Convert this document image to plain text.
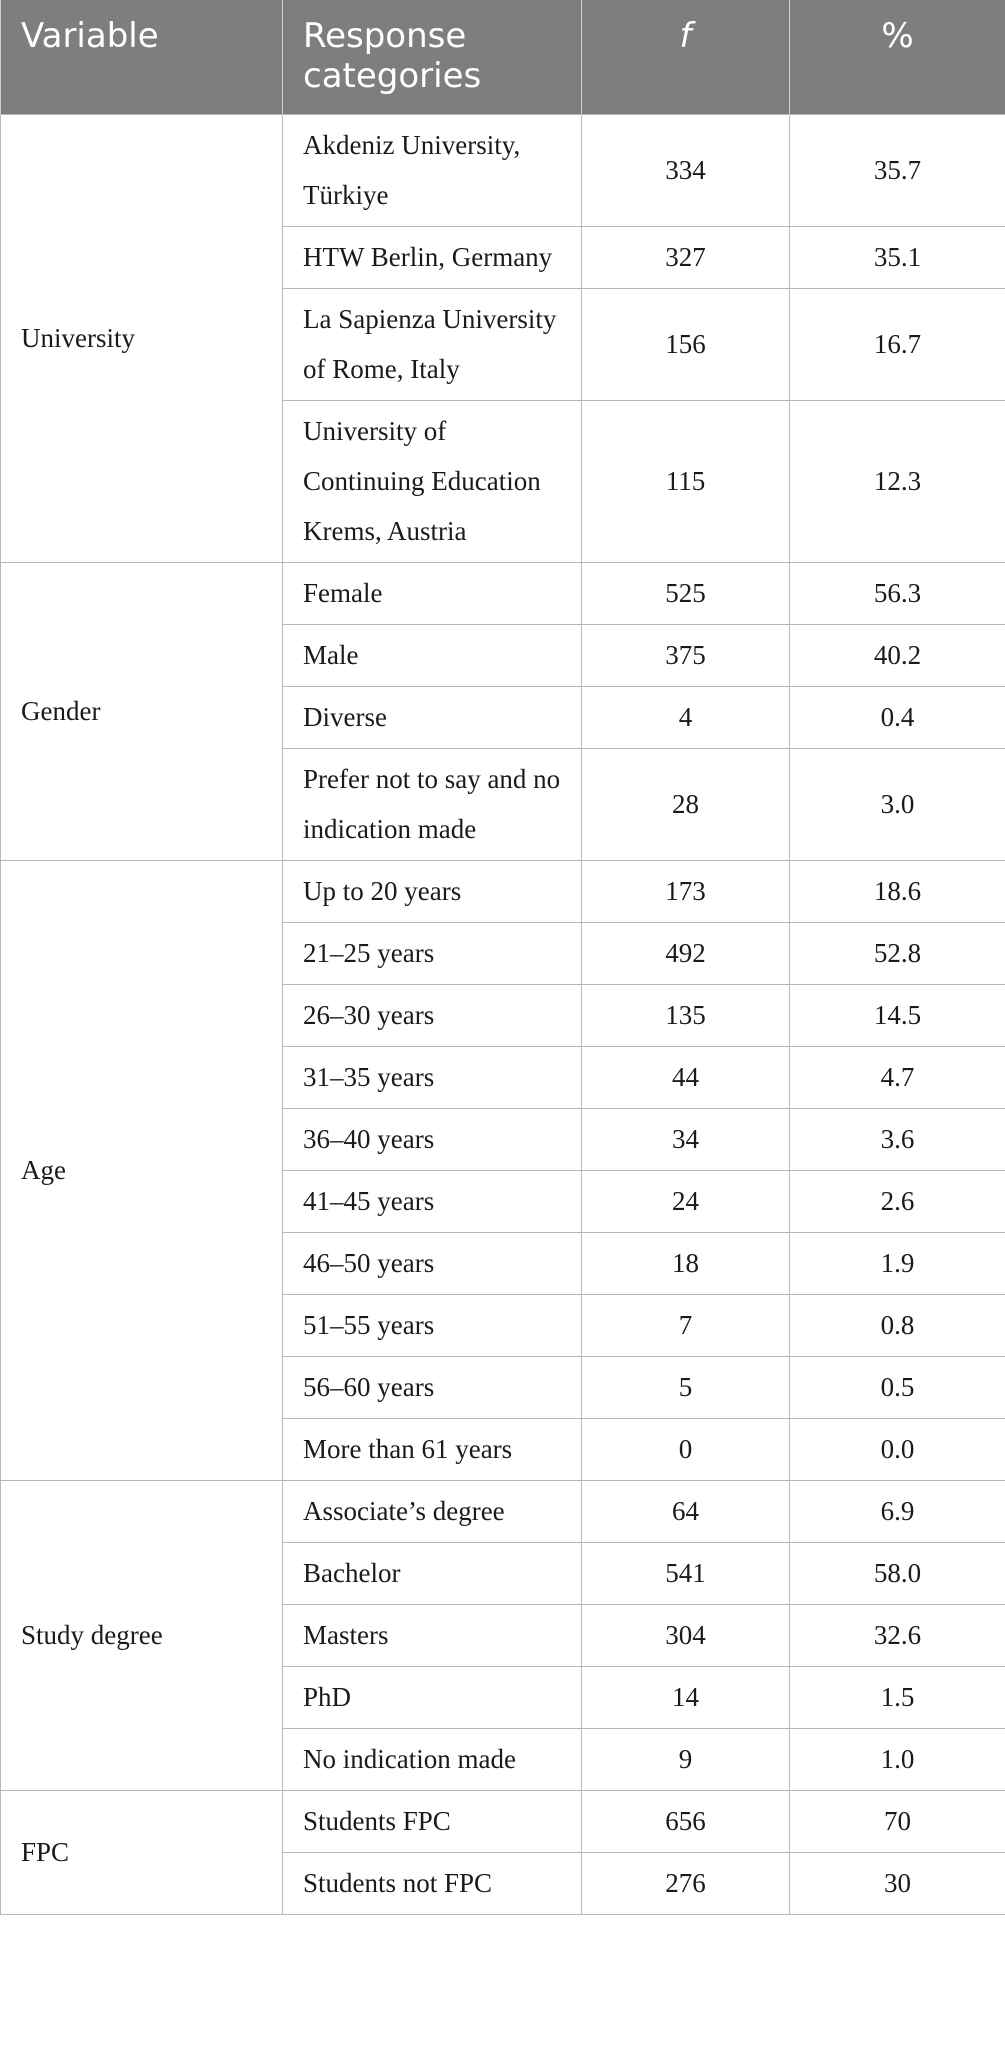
Variable	Response categories	f	%
University	Akdeniz University, Türkiye	334	35.7
	HTW Berlin, Germany	327	35.1
	La Sapienza University of Rome, Italy	156	16.7
	University of Continuing Education Krems, Austria	115	12.3
Gender	Female	525	56.3
	Male	375	40.2
	Diverse	4	0.4
	Prefer not to say and no indication made	28	3.0
Age	Up to 20 years	173	18.6
	21–25 years	492	52.8
	26–30 years	135	14.5
	31–35 years	44	4.7
	36–40 years	34	3.6
	41–45 years	24	2.6
	46–50 years	18	1.9
	51–55 years	7	0.8
	56–60 years	5	0.5
	More than 61 years	0	0.0
Study degree	Associate’s degree	64	6.9
	Bachelor	541	58.0
	Masters	304	32.6
	PhD	14	1.5
	No indication made	9	1.0
FPC	Students FPC	656	70
	Students not FPC	276	30
